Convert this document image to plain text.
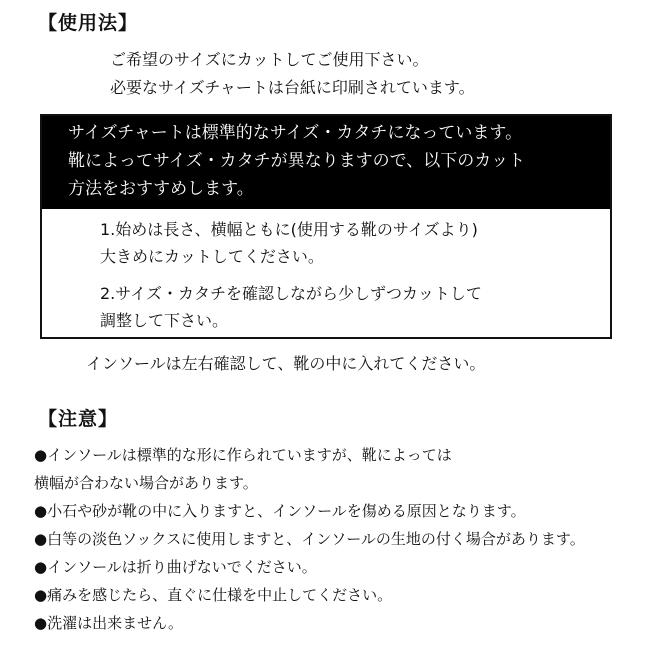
【使用法】
ご希望のサイズにカットしてご使用下さい。
必要なサイズチャートは台紙に印刷されています。
サイズチャートは標準的なサイズ・カタチになっています。
靴によってサイズ・カタチが異なりますので、以下のカット
方法をおすすめします。
1.始めは長さ、横幅ともに(使用する靴のサイズより)
大きめにカットしてください。
2.サイズ・カタチを確認しながら少しずつカットして
調整して下さい。
インソールは左右確認して、靴の中に入れてください。
【注意】
●インソールは標準的な形に作られていますが、靴によっては
横幅が合わない場合があります。
●小石や砂が靴の中に入りますと、インソールを傷める原因となります。
●白等の淡色ソックスに使用しますと、インソールの生地の付く場合があります。
●インソールは折り曲げないでください。
●痛みを感じたら、直ぐに仕様を中止してください。
●洗濯は出来ません。
